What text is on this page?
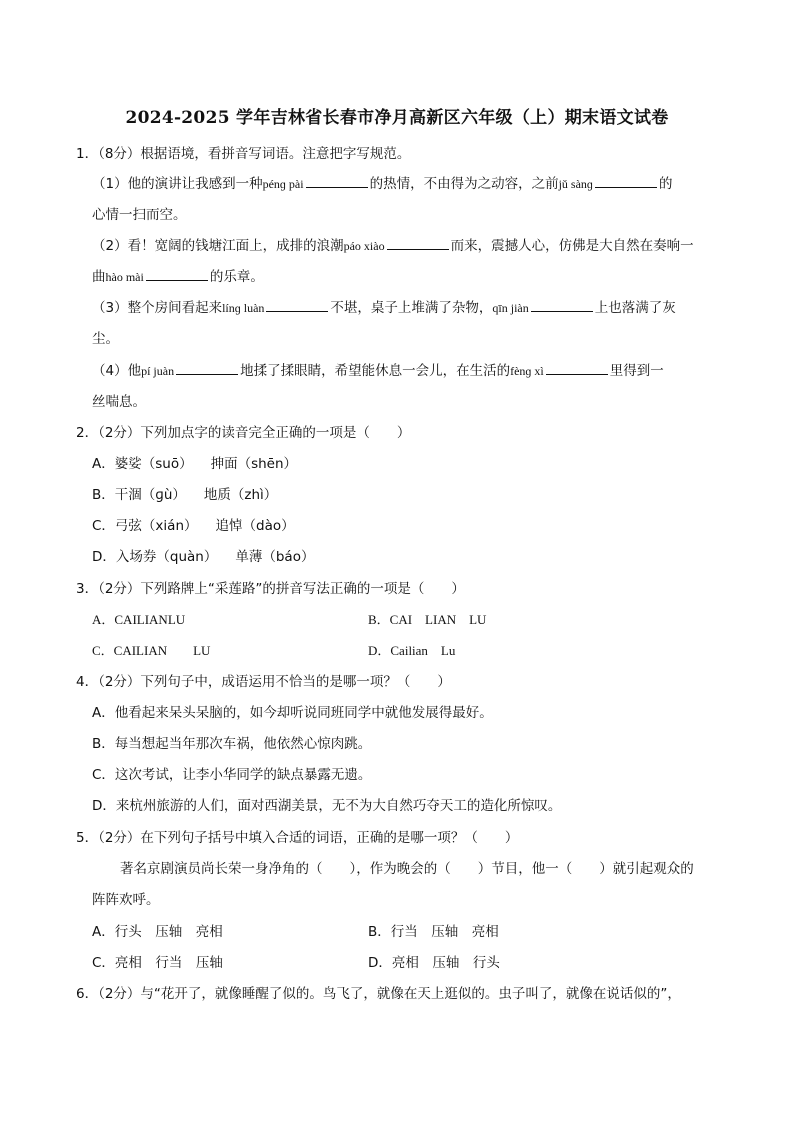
2024-2025 学年吉林省长春市净月高新区六年级（上）期末语文试卷
1．（8分）根据语境，看拼音写词语。注意把字写规范。
（1）他的演讲让我感到一种pénɡ pài	的热情，不由得为之动容，之前jǔ sànɡ	的
心情一扫而空。
（2）看！宽阔的钱塘江面上，成排的浪潮páo xiào	而来，震撼人心，仿佛是大自然在奏响一
曲hào mài	的乐章。
（3）整个房间看起来línɡ luàn	不堪，桌子上堆满了杂物，qīn jiàn	上也落满了灰
尘。
（4）他pí juàn	地揉了揉眼睛，希望能休息一会儿，在生活的fènɡ xì	里得到一
丝喘息。
2．（2分）下列加点字的读音完全正确的一项是（　　）
A．婆娑（suō） 抻面（shēn）
B．干涸（ɡù） 地质（zhì）
C．弓弦（xián） 追悼（dào）
D．入场券（quàn） 单薄（báo）
3．（2分）下列路牌上“采莲路”的拼音写法正确的一项是（　　）
A．CAILIANLU	B．CAI　LIAN　LU
C．CAILIAN　　LU	D．Cailian　Lu
4．（2分）下列句子中，成语运用不恰当的是哪一项？（　　）
A．他看起来呆头呆脑的，如今却听说同班同学中就他发展得最好。
B．每当想起当年那次车祸，他依然心惊肉跳。
C．这次考试，让李小华同学的缺点暴露无遗。
D．来杭州旅游的人们，面对西湖美景，无不为大自然巧夺天工的造化所惊叹。
5．（2分）在下列句子括号中填入合适的词语，正确的是哪一项？（　　）
著名京剧演员尚长荣一身净角的（　　），作为晚会的（　　）节目，他一（　　）就引起观众的
阵阵欢呼。
A．行头　压轴　亮相	B．行当　压轴　亮相
C．亮相　行当　压轴	D．亮相　压轴　行头
6．（2分）与“花开了，就像睡醒了似的。鸟飞了，就像在天上逛似的。虫子叫了，就像在说话似的”，
